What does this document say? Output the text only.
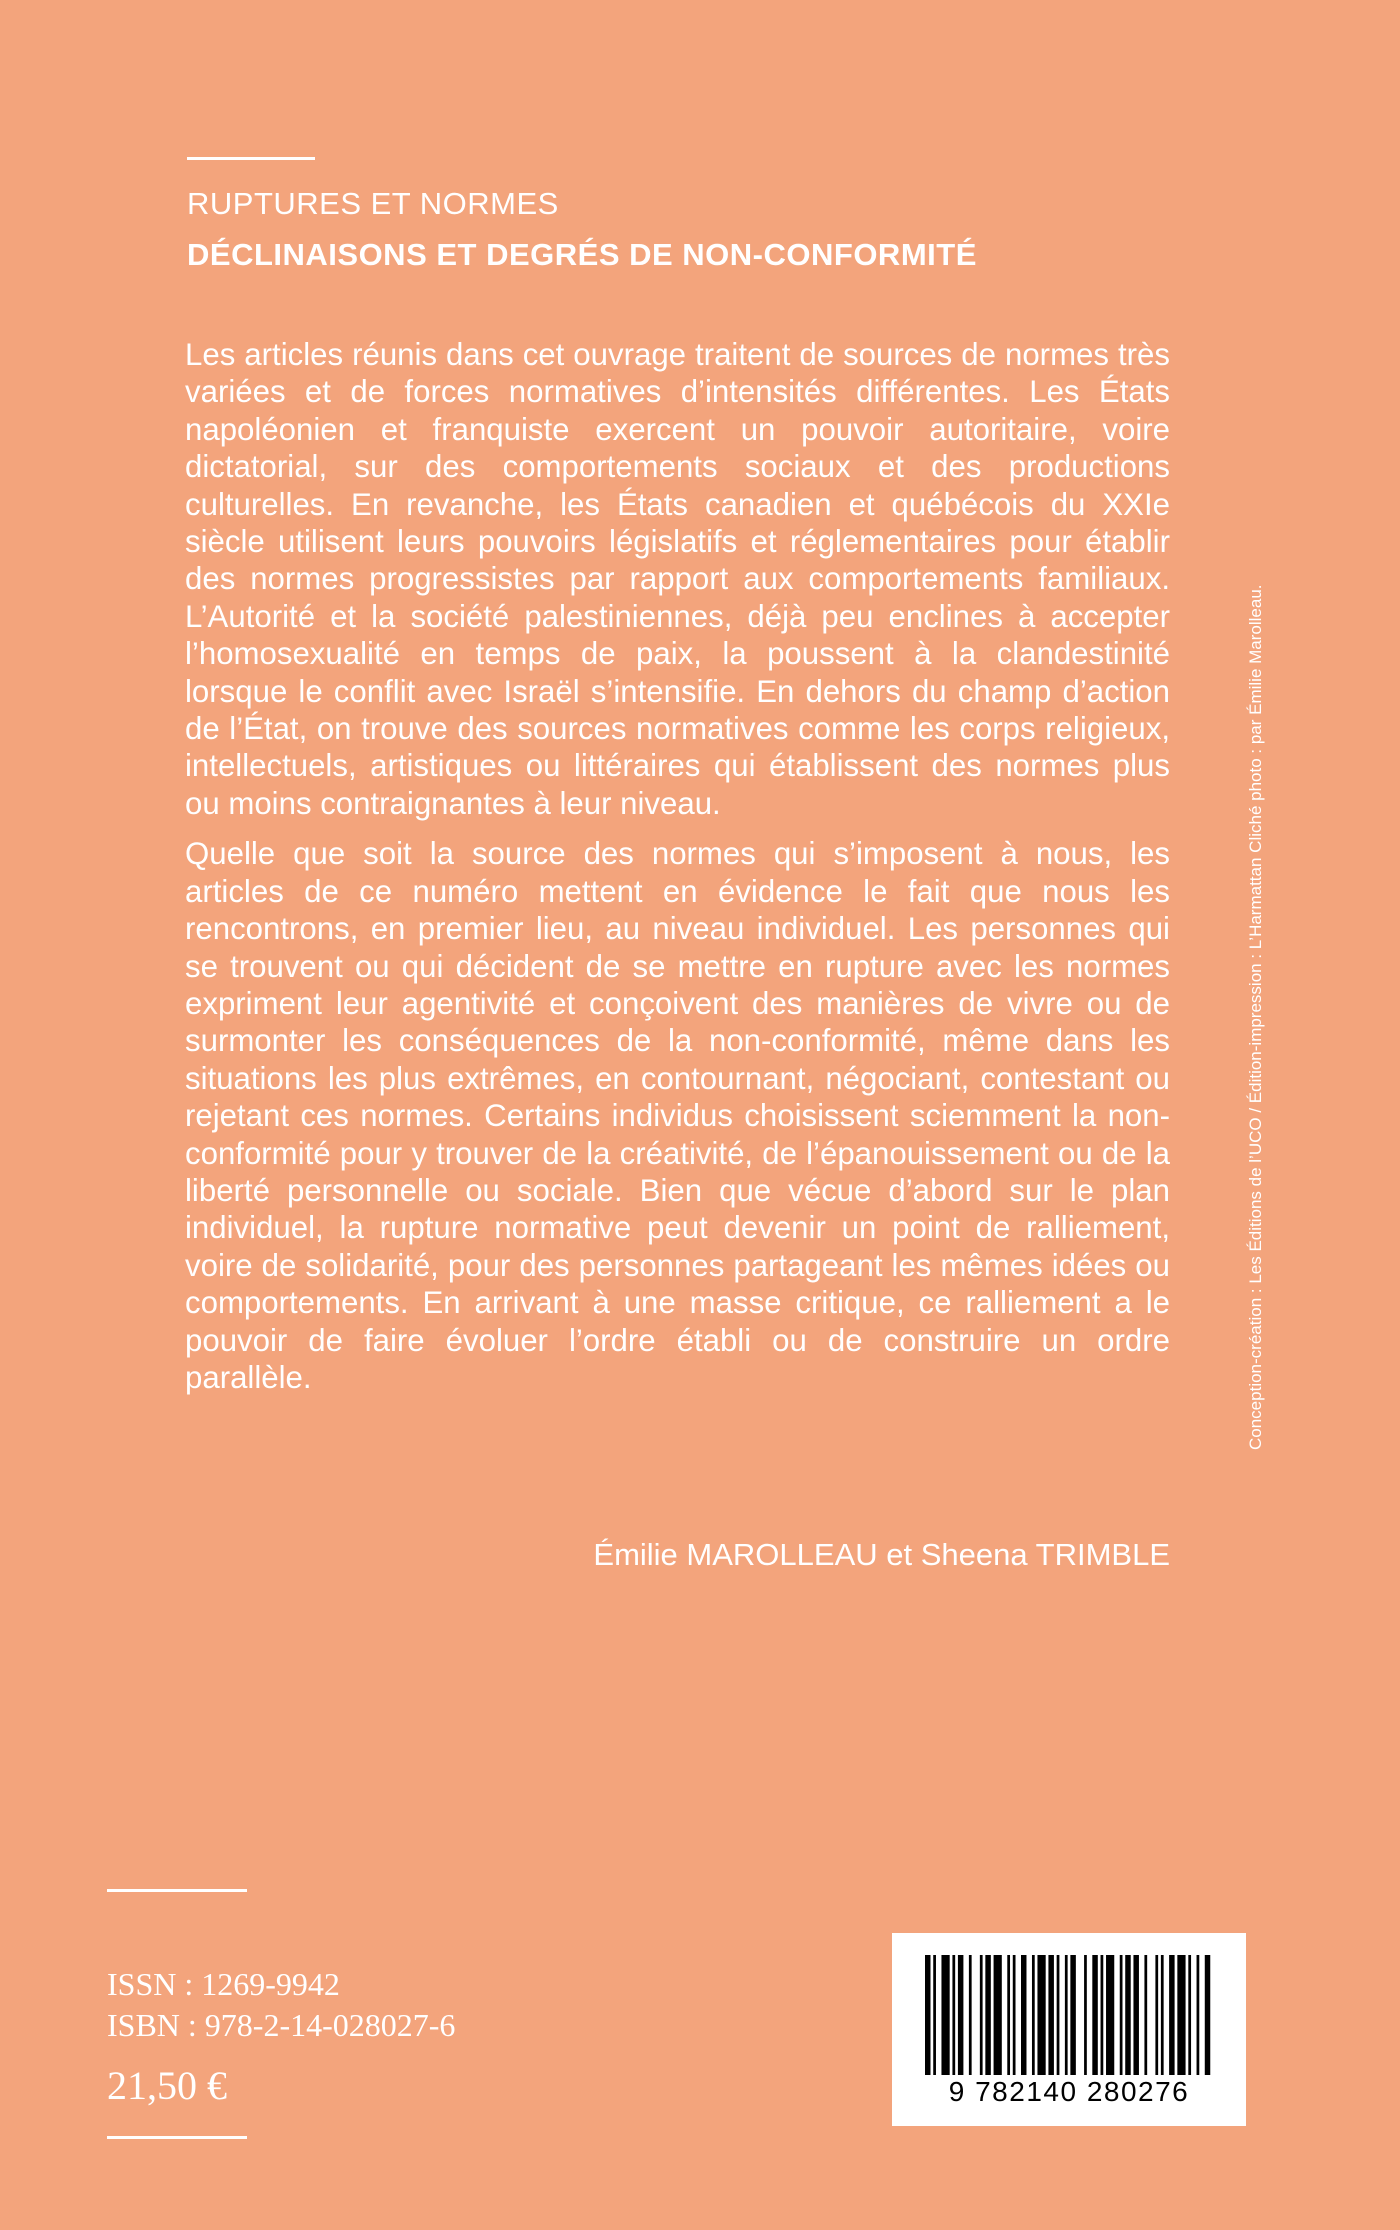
RUPTURES ET NORMES
DÉCLINAISONS ET DEGRÉS DE NON-CONFORMITÉ

Les articles réunis dans cet ouvrage traitent de sources de normes très variées et de forces normatives d’intensités différentes. Les États napoléonien et franquiste exercent un pouvoir autoritaire, voire dictatorial, sur des comportements sociaux et des productions culturelles. En revanche, les États canadien et québécois du XXIe siècle utilisent leurs pouvoirs législatifs et réglementaires pour établir des normes progressistes par rapport aux comportements familiaux. L’Autorité et la société palestiniennes, déjà peu enclines à accepter l’homosexualité en temps de paix, la poussent à la clandestinité lorsque le conflit avec Israël s’intensifie. En dehors du champ d’action de l’État, on trouve des sources normatives comme les corps religieux, intellectuels, artistiques ou littéraires qui établissent des normes plus ou moins contraignantes à leur niveau.

Quelle que soit la source des normes qui s’imposent à nous, les articles de ce numéro mettent en évidence le fait que nous les rencontrons, en premier lieu, au niveau individuel. Les personnes qui se trouvent ou qui décident de se mettre en rupture avec les normes expriment leur agentivité et conçoivent des manières de vivre ou de surmonter les conséquences de la non-conformité, même dans les situations les plus extrêmes, en contournant, négociant, contestant ou rejetant ces normes. Certains individus choisissent sciemment la non-conformité pour y trouver de la créativité, de l’épanouissement ou de la liberté personnelle ou sociale. Bien que vécue d’abord sur le plan individuel, la rupture normative peut devenir un point de ralliement, voire de solidarité, pour des personnes partageant les mêmes idées ou comportements. En arrivant à une masse critique, ce ralliement a le pouvoir de faire évoluer l’ordre établi ou de construire un ordre parallèle.

Émilie MAROLLEAU et Sheena TRIMBLE
Conception-création : Les Éditions de l’UCO / Édition-impression : L’Harmattan Cliché photo : par Émilie Marolleau.
ISSN : 1269-9942
ISBN : 978-2-14-028027-6
21,50 €	9 782140 280276
